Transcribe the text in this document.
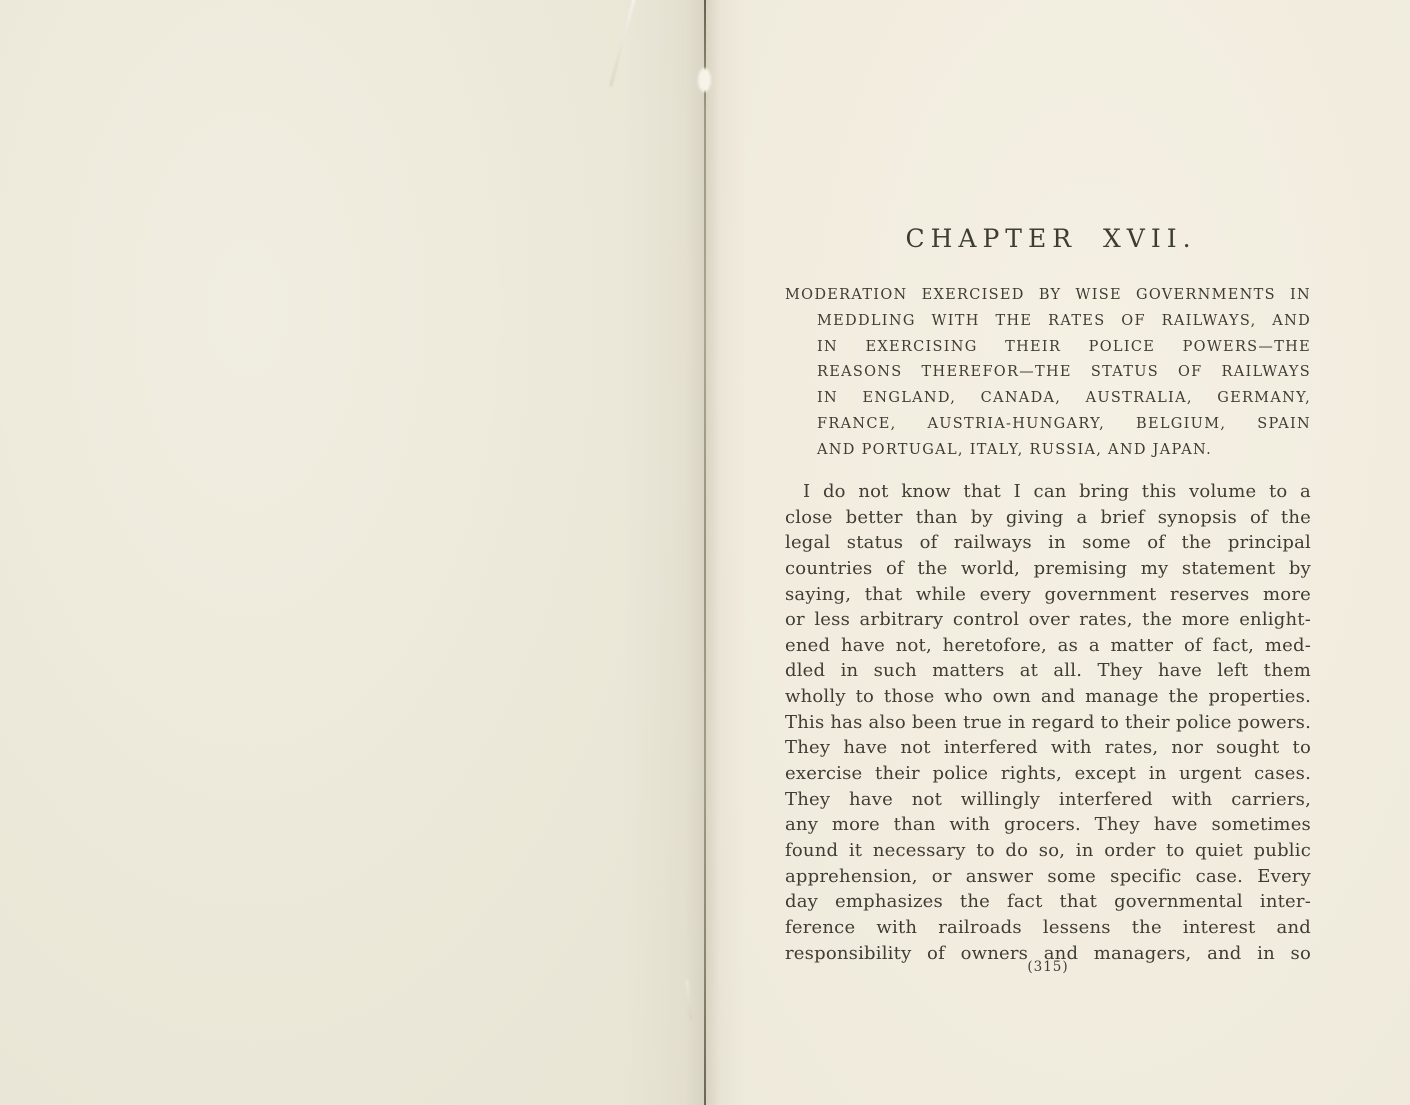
CHAPTER XVII.
MODERATION EXERCISED BY WISE GOVERNMENTS IN
MEDDLING WITH THE RATES OF RAILWAYS, AND
IN EXERCISING THEIR POLICE POWERS—THE
REASONS THEREFOR—THE STATUS OF RAILWAYS
IN ENGLAND, CANADA, AUSTRALIA, GERMANY,
FRANCE, AUSTRIA-HUNGARY, BELGIUM, SPAIN
AND PORTUGAL, ITALY, RUSSIA, AND JAPAN.
I do not know that I can bring this volume to a
close better than by giving a brief synopsis of the
legal status of railways in some of the principal
countries of the world, premising my statement by
saying, that while every government reserves more
or less arbitrary control over rates, the more enlight-
ened have not, heretofore, as a matter of fact, med-
dled in such matters at all. They have left them
wholly to those who own and manage the properties.
This has also been true in regard to their police powers.
They have not interfered with rates, nor sought to
exercise their police rights, except in urgent cases.
They have not willingly interfered with carriers,
any more than with grocers. They have sometimes
found it necessary to do so, in order to quiet public
apprehension, or answer some specific case. Every
day emphasizes the fact that governmental inter-
ference with railroads lessens the interest and
responsibility of owners and managers, and in so
(315)
